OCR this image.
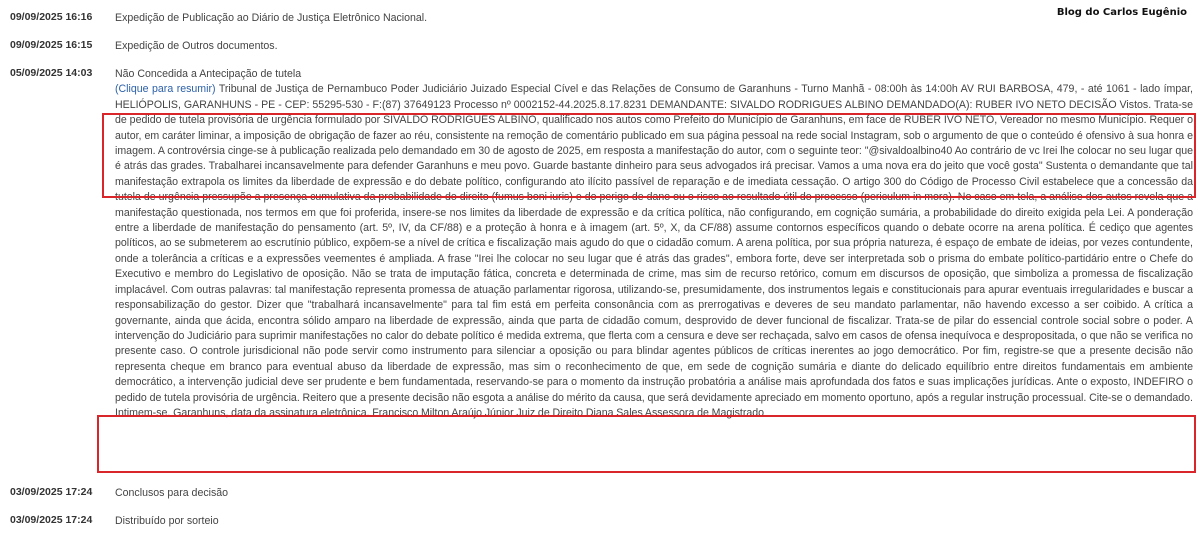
Blog do Carlos Eugênio
09/09/2025 16:16	Expedição de Publicação ao Diário de Justiça Eletrônico Nacional.
09/09/2025 16:15	Expedição de Outros documentos.
05/09/2025 14:03	Não Concedida a Antecipação de tutela
(Clique para resumir) Tribunal de Justiça de Pernambuco Poder Judiciário Juizado Especial Cível e das Relações de Consumo de Garanhuns - Turno Manhã - 08:00h às 14:00h AV RUI BARBOSA, 479, - até 1061 - lado ímpar, HELIÓPOLIS, GARANHUNS - PE - CEP: 55295-530 - F:(87) 37649123 Processo nº 0002152-44.2025.8.17.8231 DEMANDANTE: SIVALDO RODRIGUES ALBINO DEMANDADO(A): RUBER IVO NETO DECISÃO Vistos. Trata-se de pedido de tutela provisória de urgência formulado por SIVALDO RODRIGUES ALBINO, qualificado nos autos como Prefeito do Município de Garanhuns, em face de RUBER IVO NETO, Vereador no mesmo Município. Requer o autor, em caráter liminar, a imposição de obrigação de fazer ao réu, consistente na remoção de comentário publicado em sua página pessoal na rede social Instagram, sob o argumento de que o conteúdo é ofensivo à sua honra e imagem. A controvérsia cinge-se à publicação realizada pelo demandado em 30 de agosto de 2025, em resposta a manifestação do autor, com o seguinte teor: "@sivaldoalbino40 Ao contrário de vc Irei lhe colocar no seu lugar que é atrás das grades. Trabalharei incansavelmente para defender Garanhuns e meu povo. Guarde bastante dinheiro para seus advogados irá precisar. Vamos a uma nova era do jeito que você gosta" Sustenta o demandante que tal manifestação extrapola os limites da liberdade de expressão e do debate político, configurando ato ilícito passível de reparação e de imediata cessação. O artigo 300 do Código de Processo Civil estabelece que a concessão da tutela de urgência pressupõe a presença cumulativa da probabilidade do direito (fumus boni iuris) e do perigo de dano ou o risco ao resultado útil do processo (periculum in mora). No caso em tela, a análise dos autos revela que a manifestação questionada, nos termos em que foi proferida, insere-se nos limites da liberdade de expressão e da crítica política, não configurando, em cognição sumária, a probabilidade do direito exigida pela Lei. A ponderação entre a liberdade de manifestação do pensamento (art. 5º, IV, da CF/88) e a proteção à honra e à imagem (art. 5º, X, da CF/88) assume contornos específicos quando o debate ocorre na arena política. É cediço que agentes políticos, ao se submeterem ao escrutínio público, expõem-se a nível de crítica e fiscalização mais agudo do que o cidadão comum. A arena política, por sua própria natureza, é espaço de embate de ideias, por vezes contundente, onde a tolerância a críticas e a expressões veementes é ampliada. A frase "Irei lhe colocar no seu lugar que é atrás das grades", embora forte, deve ser interpretada sob o prisma do embate político-partidário entre o Chefe do Executivo e membro do Legislativo de oposição. Não se trata de imputação fática, concreta e determinada de crime, mas sim de recurso retórico, comum em discursos de oposição, que simboliza a promessa de fiscalização implacável. Com outras palavras: tal manifestação representa promessa de atuação parlamentar rigorosa, utilizando-se, presumidamente, dos instrumentos legais e constitucionais para apurar eventuais irregularidades e buscar a responsabilização do gestor. Dizer que "trabalhará incansavelmente" para tal fim está em perfeita consonância com as prerrogativas e deveres de seu mandato parlamentar, não havendo excesso a ser coibido. A crítica a governante, ainda que ácida, encontra sólido amparo na liberdade de expressão, ainda que parta de cidadão comum, desprovido de dever funcional de fiscalizar. Trata-se de pilar do essencial controle social sobre o poder. A intervenção do Judiciário para suprimir manifestações no calor do debate político é medida extrema, que flerta com a censura e deve ser rechaçada, salvo em casos de ofensa inequívoca e despropositada, o que não se verifica no presente caso. O controle jurisdicional não pode servir como instrumento para silenciar a oposição ou para blindar agentes públicos de críticas inerentes ao jogo democrático. Por fim, registre-se que a presente decisão não representa cheque em branco para eventual abuso da liberdade de expressão, mas sim o reconhecimento de que, em sede de cognição sumária e diante do delicado equilíbrio entre direitos fundamentais em ambiente democrático, a intervenção judicial deve ser prudente e bem fundamentada, reservando-se para o momento da instrução probatória a análise mais aprofundada dos fatos e suas implicações jurídicas. Ante o exposto, INDEFIRO o pedido de tutela provisória de urgência. Reitero que a presente decisão não esgota a análise do mérito da causa, que será devidamente apreciado em momento oportuno, após a regular instrução processual. Cite-se o demandado. Intimem-se. Garanhuns, data da assinatura eletrônica. Francisco Milton Araújo Júnior Juiz de Direito Diana Sales Assessora de Magistrado
03/09/2025 17:24	Conclusos para decisão
03/09/2025 17:24	Distribuído por sorteio
